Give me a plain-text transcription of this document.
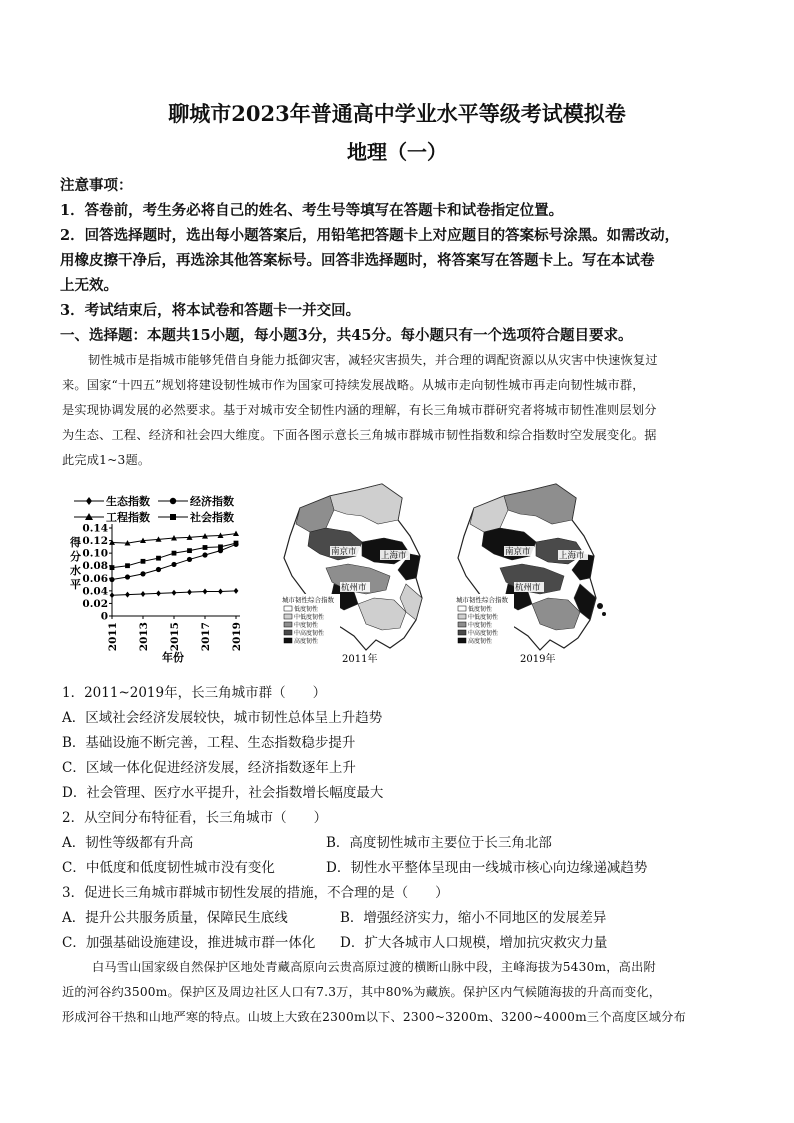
聊城市2023年普通高中学业水平等级考试模拟卷
地理（一）
注意事项：
1．答卷前，考生务必将自己的姓名、考生号等填写在答题卡和试卷指定位置。
2．回答选择题时，选出每小题答案后，用铅笔把答题卡上对应题目的答案标号涂黑。如需改动，
用橡皮擦干净后，再选涂其他答案标号。回答非选择题时，将答案写在答题卡上。写在本试卷
上无效。
3．考试结束后，将本试卷和答题卡一并交回。
一、选择题：本题共15小题，每小题3分，共45分。每小题只有一个选项符合题目要求。
韧性城市是指城市能够凭借自身能力抵御灾害，减轻灾害损失，并合理的调配资源以从灾害中快速恢复过
来。国家“十四五”规划将建设韧性城市作为国家可持续发展战略。从城市走向韧性城市再走向韧性城市群，
是实现协调发展的必然要求。基于对城市安全韧性内涵的理解，有长三角城市群研究者将城市韧性准则层划分
为生态、工程、经济和社会四大维度。下面各图示意长三角城市群城市韧性指数和综合指数时空发展变化。据
此完成1~3题。
生态指数	经济指数
工程指数	社会指数
0
0.02
0.04
0.06
0.08
0.10
0.12
0.14
2011 2013 2015 2017 2019
得
分
水
平
年份
南京市	上海市
杭州市
城市韧性综合指数
低度韧性
中低度韧性
中度韧性
中高度韧性
高度韧性
2011年
南京市	上海市
杭州市
城市韧性综合指数
低度韧性
中低度韧性
中度韧性
中高度韧性
高度韧性
2019年
1．2011~2019年，长三角城市群（　　）
A．区域社会经济发展较快，城市韧性总体呈上升趋势
B．基础设施不断完善，工程、生态指数稳步提升
C．区域一体化促进经济发展，经济指数逐年上升
D．社会管理、医疗水平提升，社会指数增长幅度最大
2．从空间分布特征看，长三角城市（　　）
A．韧性等级都有升高	B．高度韧性城市主要位于长三角北部
C．中低度和低度韧性城市没有变化	D．韧性水平整体呈现由一线城市核心向边缘递减趋势
3．促进长三角城市群城市韧性发展的措施，不合理的是（　　）
A．提升公共服务质量，保障民生底线	B．增强经济实力，缩小不同地区的发展差异
C．加强基础设施建设，推进城市群一体化 D．扩大各城市人口规模，增加抗灾救灾力量
白马雪山国家级自然保护区地处青藏高原向云贵高原过渡的横断山脉中段，主峰海拔为5430m，高出附
近的河谷约3500m。保护区及周边社区人口有7.3万，其中80%为藏族。保护区内气候随海拔的升高而变化，
形成河谷干热和山地严寒的特点。山坡上大致在2300m以下、2300~3200m、3200~4000m三个高度区域分布
